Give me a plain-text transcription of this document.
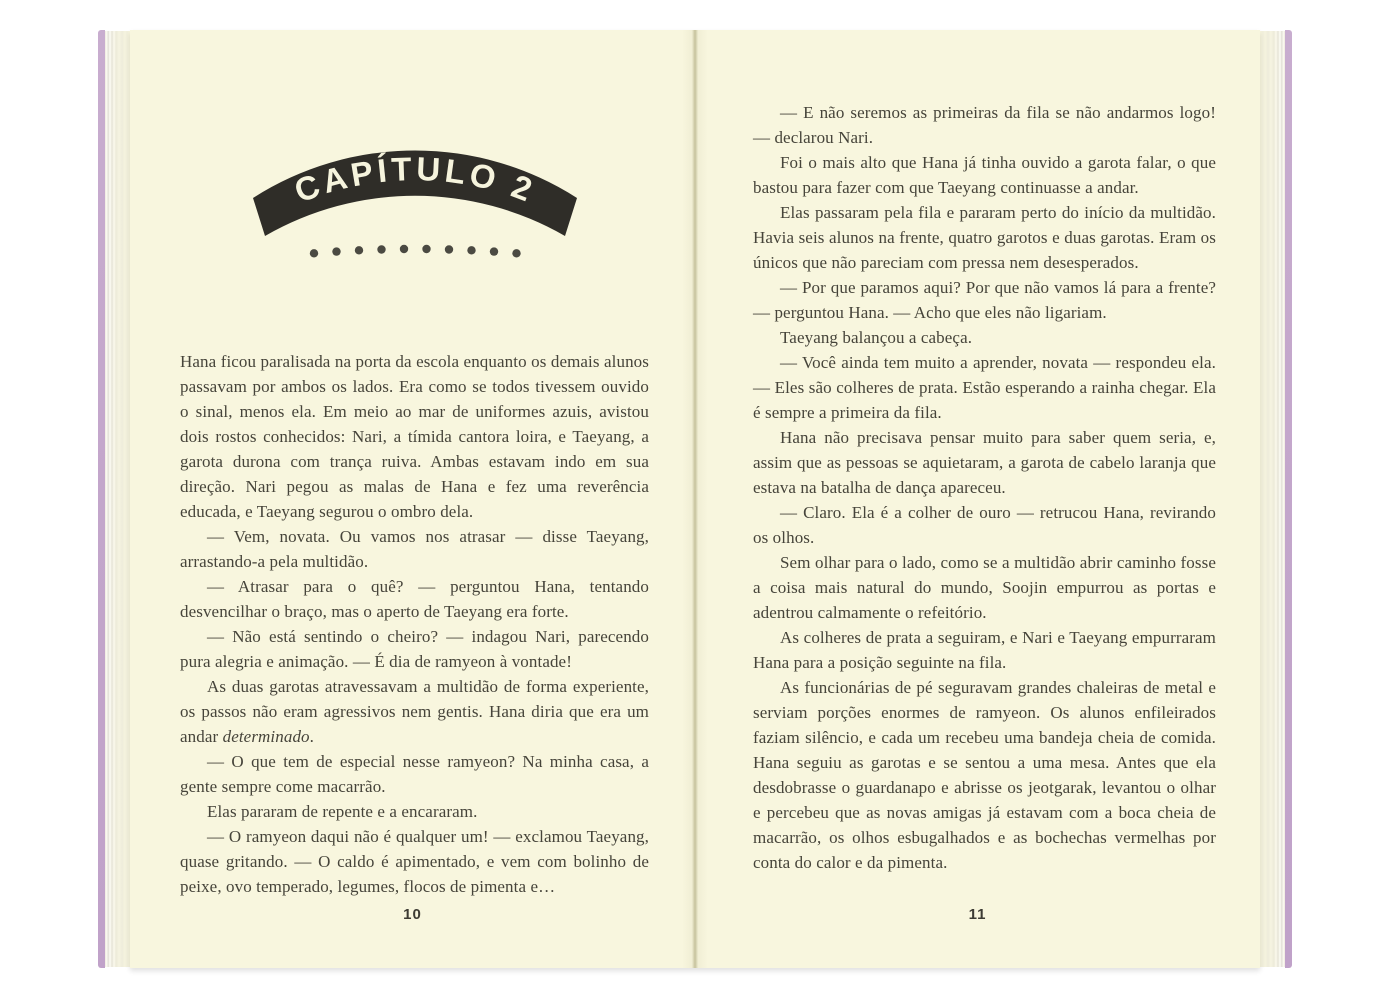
CAPÍTULO 2

Hana ficou paralisada na porta da escola enquanto os demais alunos passavam por ambos os lados. Era como se todos tivessem ouvido o sinal, menos ela. Em meio ao mar de uniformes azuis, avistou dois rostos conhecidos: Nari, a tímida cantora loira, e Taeyang, a garota durona com trança ruiva. Ambas estavam indo em sua direção. Nari pegou as malas de Hana e fez uma reverência educada, e Taeyang segurou o ombro dela.

— Vem, novata. Ou vamos nos atrasar — disse Taeyang, arrastando-a pela multidão.

— Atrasar para o quê? — perguntou Hana, tentando desvencilhar o braço, mas o aperto de Taeyang era forte.

— Não está sentindo o cheiro? — indagou Nari, parecendo pura alegria e animação. — É dia de ramyeon à vontade!

As duas garotas atravessavam a multidão de forma experiente, os passos não eram agressivos nem gentis. Hana diria que era um andar determinado.

— O que tem de especial nesse ramyeon? Na minha casa, a gente sempre come macarrão.

Elas pararam de repente e a encararam.

— O ramyeon daqui não é qualquer um! — exclamou Taeyang, quase gritando. — O caldo é apimentado, e vem com bolinho de peixe, ovo temperado, legumes, flocos de pimenta e…

10

— E não seremos as primeiras da fila se não andarmos logo! — declarou Nari.

Foi o mais alto que Hana já tinha ouvido a garota falar, o que bastou para fazer com que Taeyang continuasse a andar.

Elas passaram pela fila e pararam perto do início da multidão. Havia seis alunos na frente, quatro garotos e duas garotas. Eram os únicos que não pareciam com pressa nem desesperados.

— Por que paramos aqui? Por que não vamos lá para a frente? — perguntou Hana. — Acho que eles não ligariam.

Taeyang balançou a cabeça.

— Você ainda tem muito a aprender, novata — respondeu ela. — Eles são colheres de prata. Estão esperando a rainha chegar. Ela é sempre a primeira da fila.

Hana não precisava pensar muito para saber quem seria, e, assim que as pessoas se aquietaram, a garota de cabelo laranja que estava na batalha de dança apareceu.

— Claro. Ela é a colher de ouro — retrucou Hana, revirando os olhos.

Sem olhar para o lado, como se a multidão abrir caminho fosse a coisa mais natural do mundo, Soojin empurrou as portas e adentrou calmamente o refeitório.

As colheres de prata a seguiram, e Nari e Taeyang empurraram Hana para a posição seguinte na fila.

As funcionárias de pé seguravam grandes chaleiras de metal e serviam porções enormes de ramyeon. Os alunos enfileirados faziam silêncio, e cada um recebeu uma bandeja cheia de comida. Hana seguiu as garotas e se sentou a uma mesa. Antes que ela desdobrasse o guardanapo e abrisse os jeotgarak, levantou o olhar e percebeu que as novas amigas já estavam com a boca cheia de macarrão, os olhos esbugalhados e as bochechas vermelhas por conta do calor e da pimenta.

11
